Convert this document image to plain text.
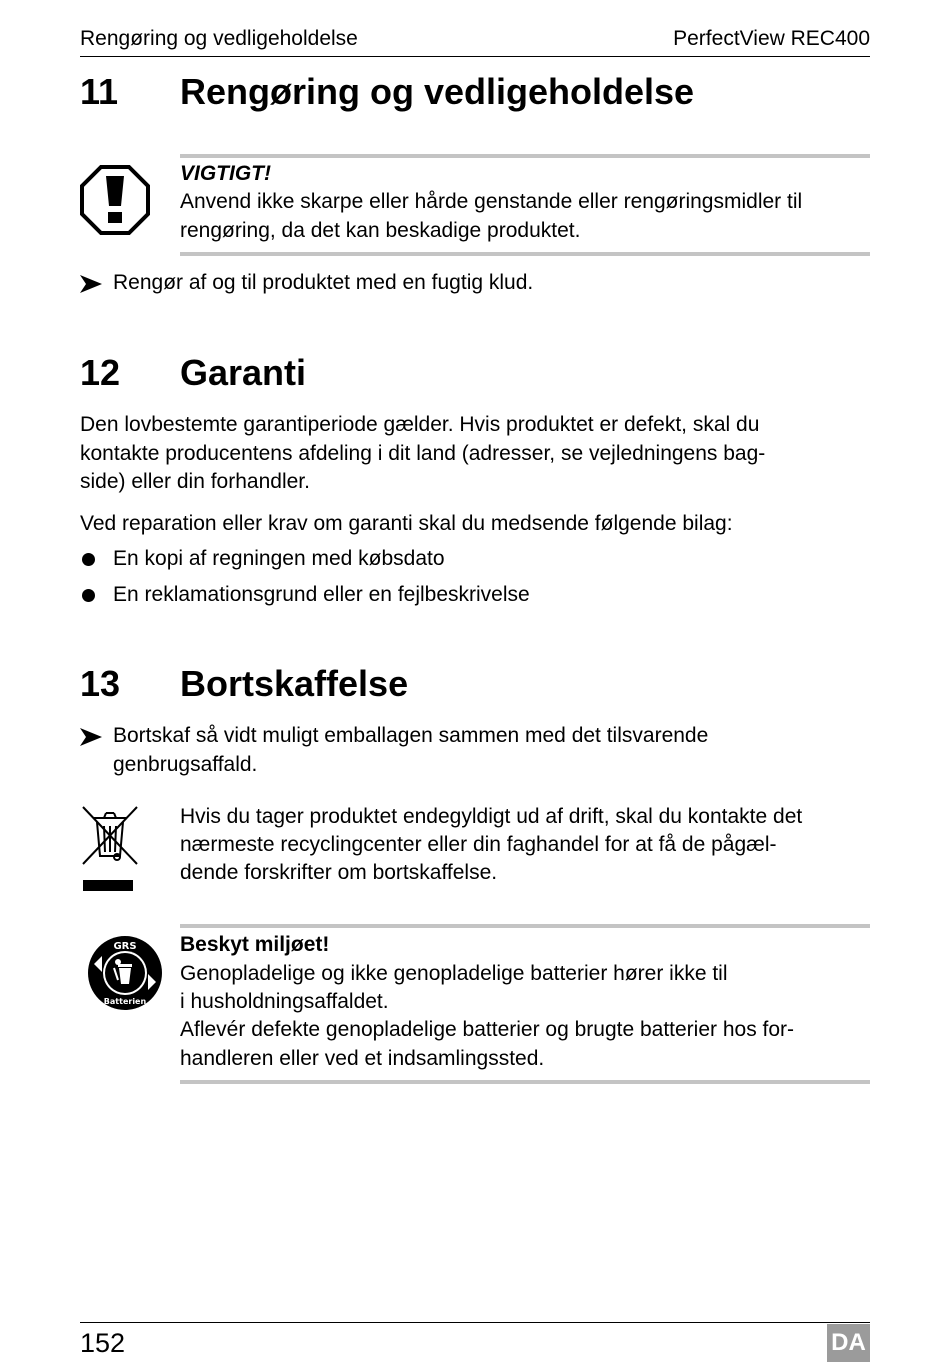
Rengøring og vedligeholdelse	PerfectView REC400
11 Rengøring og vedligeholdelse
VIGTIGT!
Anvend ikke skarpe eller hårde genstande eller rengøringsmidler til
rengøring, da det kan beskadige produktet.
Rengør af og til produktet med en fugtig klud.
12 Garanti
Den lovbestemte garantiperiode gælder. Hvis produktet er defekt, skal du
kontakte producentens afdeling i dit land (adresser, se vejledningens bag-
side) eller din forhandler.
Ved reparation eller krav om garanti skal du medsende følgende bilag:
En kopi af regningen med købsdato
En reklamationsgrund eller en fejlbeskrivelse
13 Bortskaffelse
Bortskaf så vidt muligt emballagen sammen med det tilsvarende
genbrugsaffald.
Hvis du tager produktet endegyldigt ud af drift, skal du kontakte det
nærmeste recyclingcenter eller din faghandel for at få de pågæl-
dende forskrifter om bortskaffelse.
GRS
Batterien
Beskyt miljøet!
Genopladelige og ikke genopladelige batterier hører ikke til
i husholdningsaffaldet.
Aflevér defekte genopladelige batterier og brugte batterier hos for-
handleren eller ved et indsamlingssted.
152	DA
